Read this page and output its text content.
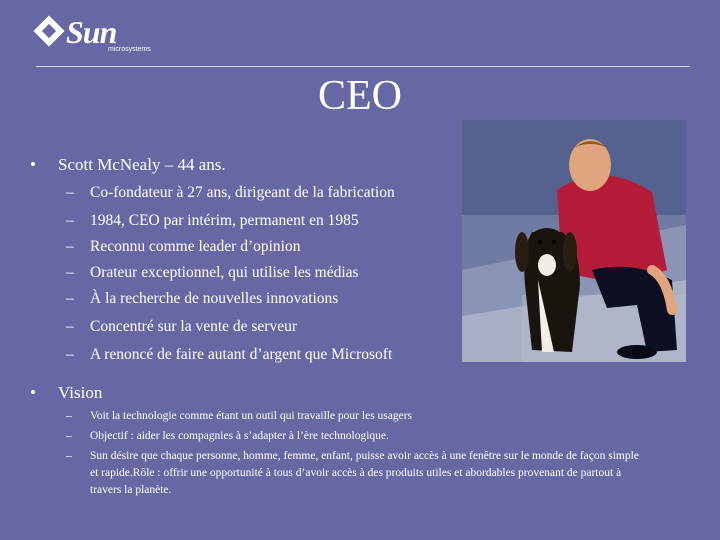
Sun
microsystems
CEO
•	Scott McNealy – 44 ans.
– Co-fondateur à 27 ans, dirigeant de la fabrication
– 1984, CEO par intérim, permanent en 1985
– Reconnu comme leader d’opinion
– Orateur exceptionnel, qui utilise les médias
– À la recherche de nouvelles innovations
– Concentré sur la vente de serveur
– A renoncé de faire autant d’argent que Microsoft
•	Vision
– Voit la technologie comme étant un outil qui travaille pour les usagers
– Objectif : aider les compagnies à s’adapter à l’ère technologique.
– Sun désire que chaque personne, homme, femme, enfant, puisse avoir accès à une fenêtre sur le monde de façon simple et rapide.Rôle : offrir une opportunité à tous d’avoir accès à des produits utiles et abordables provenant de partout à travers la planète.
